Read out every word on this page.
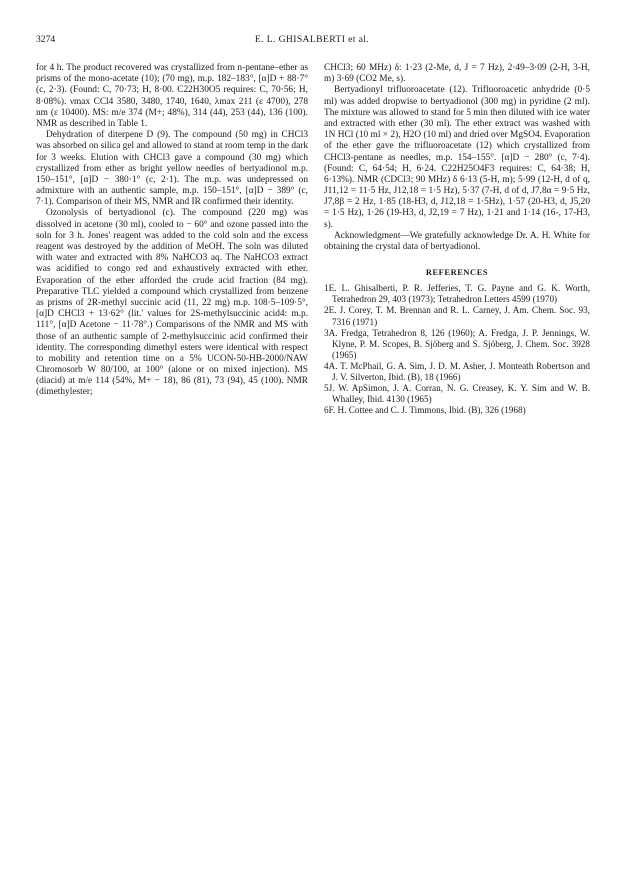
3274	E. L. GHISALBERTI et al.

for 4 h. The product recovered was crystallized from n-pentane–ether as prisms of the mono-acetate (10); (70 mg), m.p. 182–183°, [α]D + 88·7° (c, 2·3). (Found: C, 70·73; H, 8·00. C22H30O5 requires: C, 70·56; H, 8·08%). νmax CCl4 3580, 3480, 1740, 1640, λmax 211 (ε 4700), 278 nm (ε 10400). MS: m/e 374 (M+; 48%), 314 (44), 253 (44), 136 (100). NMR as described in Table 1.

Dehydration of diterpene D (9). The compound (50 mg) in CHCl3 was absorbed on silica gel and allowed to stand at room temp in the dark for 3 weeks. Elution with CHCl3 gave a compound (30 mg) which crystallized from ether as bright yellow needles of bertyadionol m.p. 150–151°, [α]D − 380·1° (c, 2·1). The m.p. was undepressed on admixture with an authentic sample, m.p. 150–151°, [α]D − 389° (c, 7·1). Comparison of their MS, NMR and IR confirmed their identity.

Ozonolysis of bertyadionol (c). The compound (220 mg) was dissolved in acetone (30 ml), cooled to − 60° and ozone passed into the soln for 3 h. Jones' reagent was added to the cold soln and the excess reagent was destroyed by the addition of MeOH. The soln was diluted with water and extracted with 8% NaHCO3 aq. The NaHCO3 extract was acidified to congo red and exhaustively extracted with ether. Evaporation of the ether afforded the crude acid fraction (84 mg). Preparative TLC yielded a compound which crystallized from benzene as prisms of 2R-methyl succinic acid (11, 22 mg) m.p. 108·5–109·5°, [α]D CHCl3 + 13·62° (lit.' values for 2S-methylsuccinic acid4: m.p. 111°, [α]D Acetone − 11·78°.) Comparisons of the NMR and MS with those of an authentic sample of 2-methylsuccinic acid confirmed their identity. The corresponding dimethyl esters were identical with respect to mobility and retention time on a 5% UCON-50-HB-2000/NAW Chromosorb W 80/100, at 100° (alone or on mixed injection). MS (diacid) at m/e 114 (54%, M+ − 18), 86 (81), 73 (94), 45 (100). NMR (dimethylester;

CHCl3; 60 MHz) δ: 1·23 (2-Me, d, J = 7 Hz), 2·49–3·09 (2-H, 3-H, m) 3·69 (CO2 Me, s).

Bertyadionyl trifluoroacetate (12). Trifluoroacetic anhydride (0·5 ml) was added dropwise to bertyadionol (300 mg) in pyridine (2 ml). The mixture was allowed to stand for 5 min then diluted with ice water and extracted with ether (30 ml). The ether extract was washed with 1N HCl (10 ml × 2), H2O (10 ml) and dried over MgSO4. Evaporation of the ether gave the trifluoroacetate (12) which crystallized from CHCl3-pentane as needles, m.p. 154–155°. [α]D − 280° (c, 7·4). (Found: C, 64·54; H, 6·24. C22H25O4F3 requires: C, 64·38; H, 6·13%). NMR (CDCl3; 90 MHz) δ 6·13 (5-H, m); 5·99 (12-H, d of q, J11,12 = 11·5 Hz, J12,18 = 1·5 Hz), 5·37 (7-H, d of d, J7,8α = 9·5 Hz, J7,8β = 2 Hz, 1·85 (18-H3, d, J12,18 = 1·5Hz), 1·57 (20-H3, d, J5,20 = 1·5 Hz), 1·26 (19-H3, d, J2,19 = 7 Hz), 1·21 and 1·14 (16-, 17-H3, s).

Acknowledgment—We gratefully acknowledge Dr. A. H. White for obtaining the crystal data of bertyadionol.

REFERENCES

1E. L. Ghisalberti, P. R. Jefferies, T. G. Payne and G. K. Worth, Tetrahedron 29, 403 (1973); Tetrahedron Letters 4599 (1970)

2E. J. Corey, T. M. Brennan and R. L. Carney, J. Am. Chem. Soc. 93, 7316 (1971)

3A. Fredga, Tetrahedron 8, 126 (1960); A. Fredga, J. P. Jennings, W. Klyne, P. M. Scopes, B. Sjöberg and S. Sjöberg, J. Chem. Soc. 3928 (1965)

4A. T. McPhail, G. A. Sim, J. D. M. Asher, J. Monteath Robertson and J. V. Silverton, Ibid. (B), 18 (1966)

5J. W. ApSimon, J. A. Corran, N. G. Creasey, K. Y. Sim and W. B. Whalley, Ibid. 4130 (1965)

6F. H. Cottee and C. J. Timmons, Ibid. (B), 326 (1968)
